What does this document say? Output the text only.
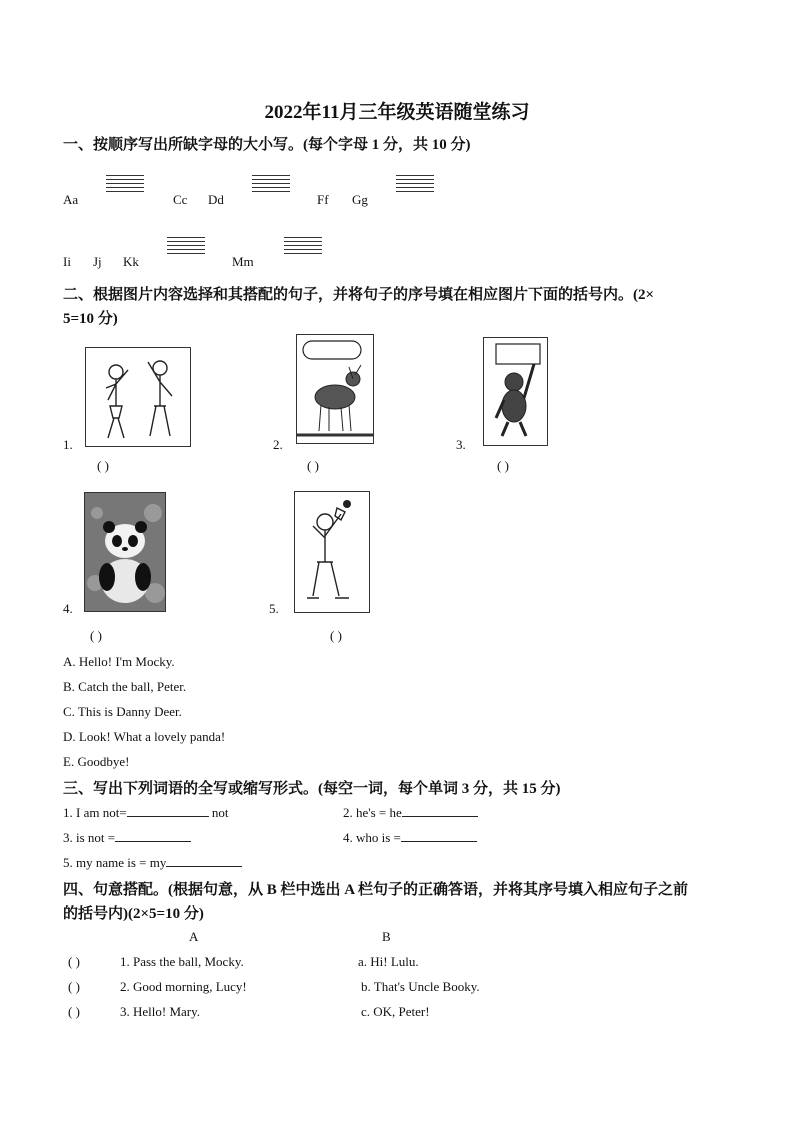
2022年11月三年级英语随堂练习
一、按顺序写出所缺字母的大小写。(每个字母 1 分，共 10 分)
Aa	Cc Dd	Ff Gg
Ii Jj Kk	Mm
二、根据图片内容选择和其搭配的句子，并将句子的序号填在相应图片下面的括号内。(2×
5=10 分)
1.
( )
2.
( )
3.
( )
4.
( )
5.
( )
A. Hello! I'm Mocky.
B. Catch the ball, Peter.
C. This is Danny Deer.
D. Look! What a lovely panda!
E. Goodbye!
三、写出下列词语的全写或缩写形式。(每空一词，每个单词 3 分，共 15 分)
1. I am not=	not	2. he's = he
3. is not =	4. who is =
5. my name is = my
四、句意搭配。(根据句意，从 B 栏中选出 A 栏句子的正确答语，并将其序号填入相应句子之前
的括号内)(2×5=10 分)
A	B
( )	1. Pass the ball, Mocky.	a. Hi! Lulu.
( )	2. Good morning, Lucy!	b. That's Uncle Booky.
( )	3. Hello! Mary.	c. OK, Peter!
